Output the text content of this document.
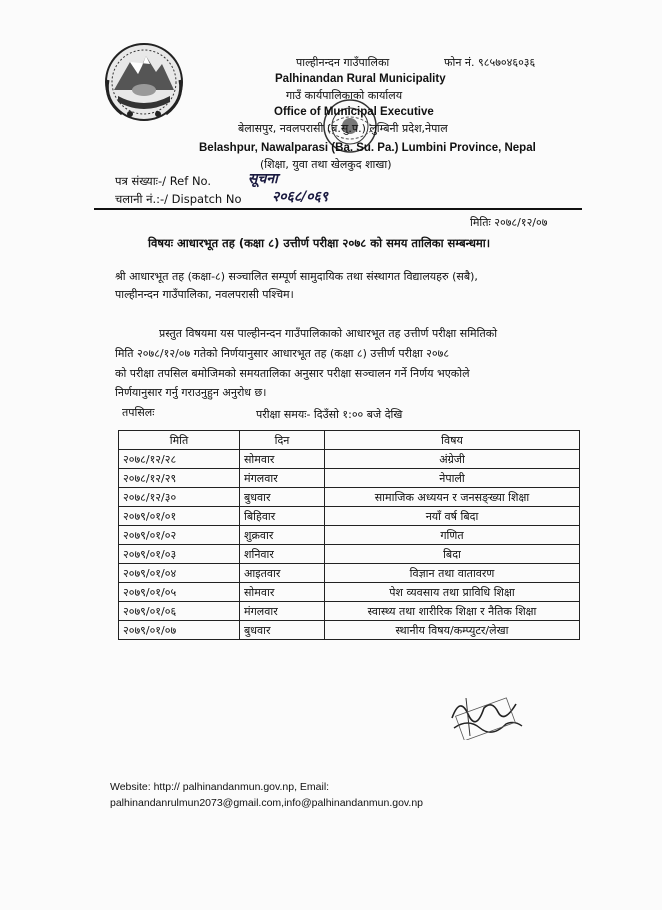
पाल्हीनन्दन गाउँपालिका	फोन नं. ९८५७०४६०३६
Palhinandan Rural Municipality
गाउँ कार्यपालिकाको कार्यालय
Office of Municipal Executive
बेलासपुर, नवलपरासी (ब.सु.प.) लुम्बिनी प्रदेश,नेपाल
Belashpur, Nawalparasi (Ba. Su. Pa.) Lumbini Province, Nepal
(शिक्षा, युवा तथा खेलकुद शाखा)
पत्र संख्याः-/ Ref No.	सूचना
चलानी नं.:-/ Dispatch No २०६८/०६९
मितिः २०७८/१२/०७
विषयः आधारभूत तह (कक्षा ८) उत्तीर्ण परीक्षा २०७८ को समय तालिका सम्बन्धमा।
श्री आधारभूत तह (कक्षा-८) सञ्चालित सम्पूर्ण सामुदायिक तथा संस्थागत विद्यालयहरु (सबै),
पाल्हीनन्दन गाउँपालिका, नवलपरासी पश्चिम।
प्रस्तुत विषयमा यस पाल्हीनन्दन गाउँपालिकाको आधारभूत तह उत्तीर्ण परीक्षा समितिको
मिति २०७८/१२/०७ गतेको निर्णयानुसार आधारभूत तह (कक्षा ८) उत्तीर्ण परीक्षा २०७८
को परीक्षा तपसिल बमोजिमको समयतालिका अनुसार परीक्षा सञ्चालन गर्ने निर्णय भएकोले
निर्णयानुसार गर्नु गराउनुहुन अनुरोध छ।
तपसिलः	परीक्षा समयः- दिउँसो १:०० बजे देखि
मिति	दिन	विषय
२०७८/१२/२८	सोमवार	अंग्रेजी
२०७८/१२/२९	मंगलवार	नेपाली
२०७८/१२/३०	बुधवार	सामाजिक अध्ययन र जनसङ्ख्या शिक्षा
२०७९/०१/०१	बिहिवार	नयाँ वर्ष बिदा
२०७९/०१/०२	शुक्रवार	गणित
२०७९/०१/०३	शनिवार	बिदा
२०७९/०१/०४	आइतवार	विज्ञान तथा वातावरण
२०७९/०१/०५	सोमवार	पेश व्यवसाय तथा प्राविधि शिक्षा
२०७९/०१/०६	मंगलवार	स्वास्थ्य तथा शारीरिक शिक्षा र नैतिक शिक्षा
२०७९/०१/०७	बुधवार	स्थानीय विषय/कम्प्युटर/लेखा
Website: http:// palhinandanmun.gov.np, Email:
palhinandanrulmun2073@gmail.com,info@palhinandanmun.gov.np
